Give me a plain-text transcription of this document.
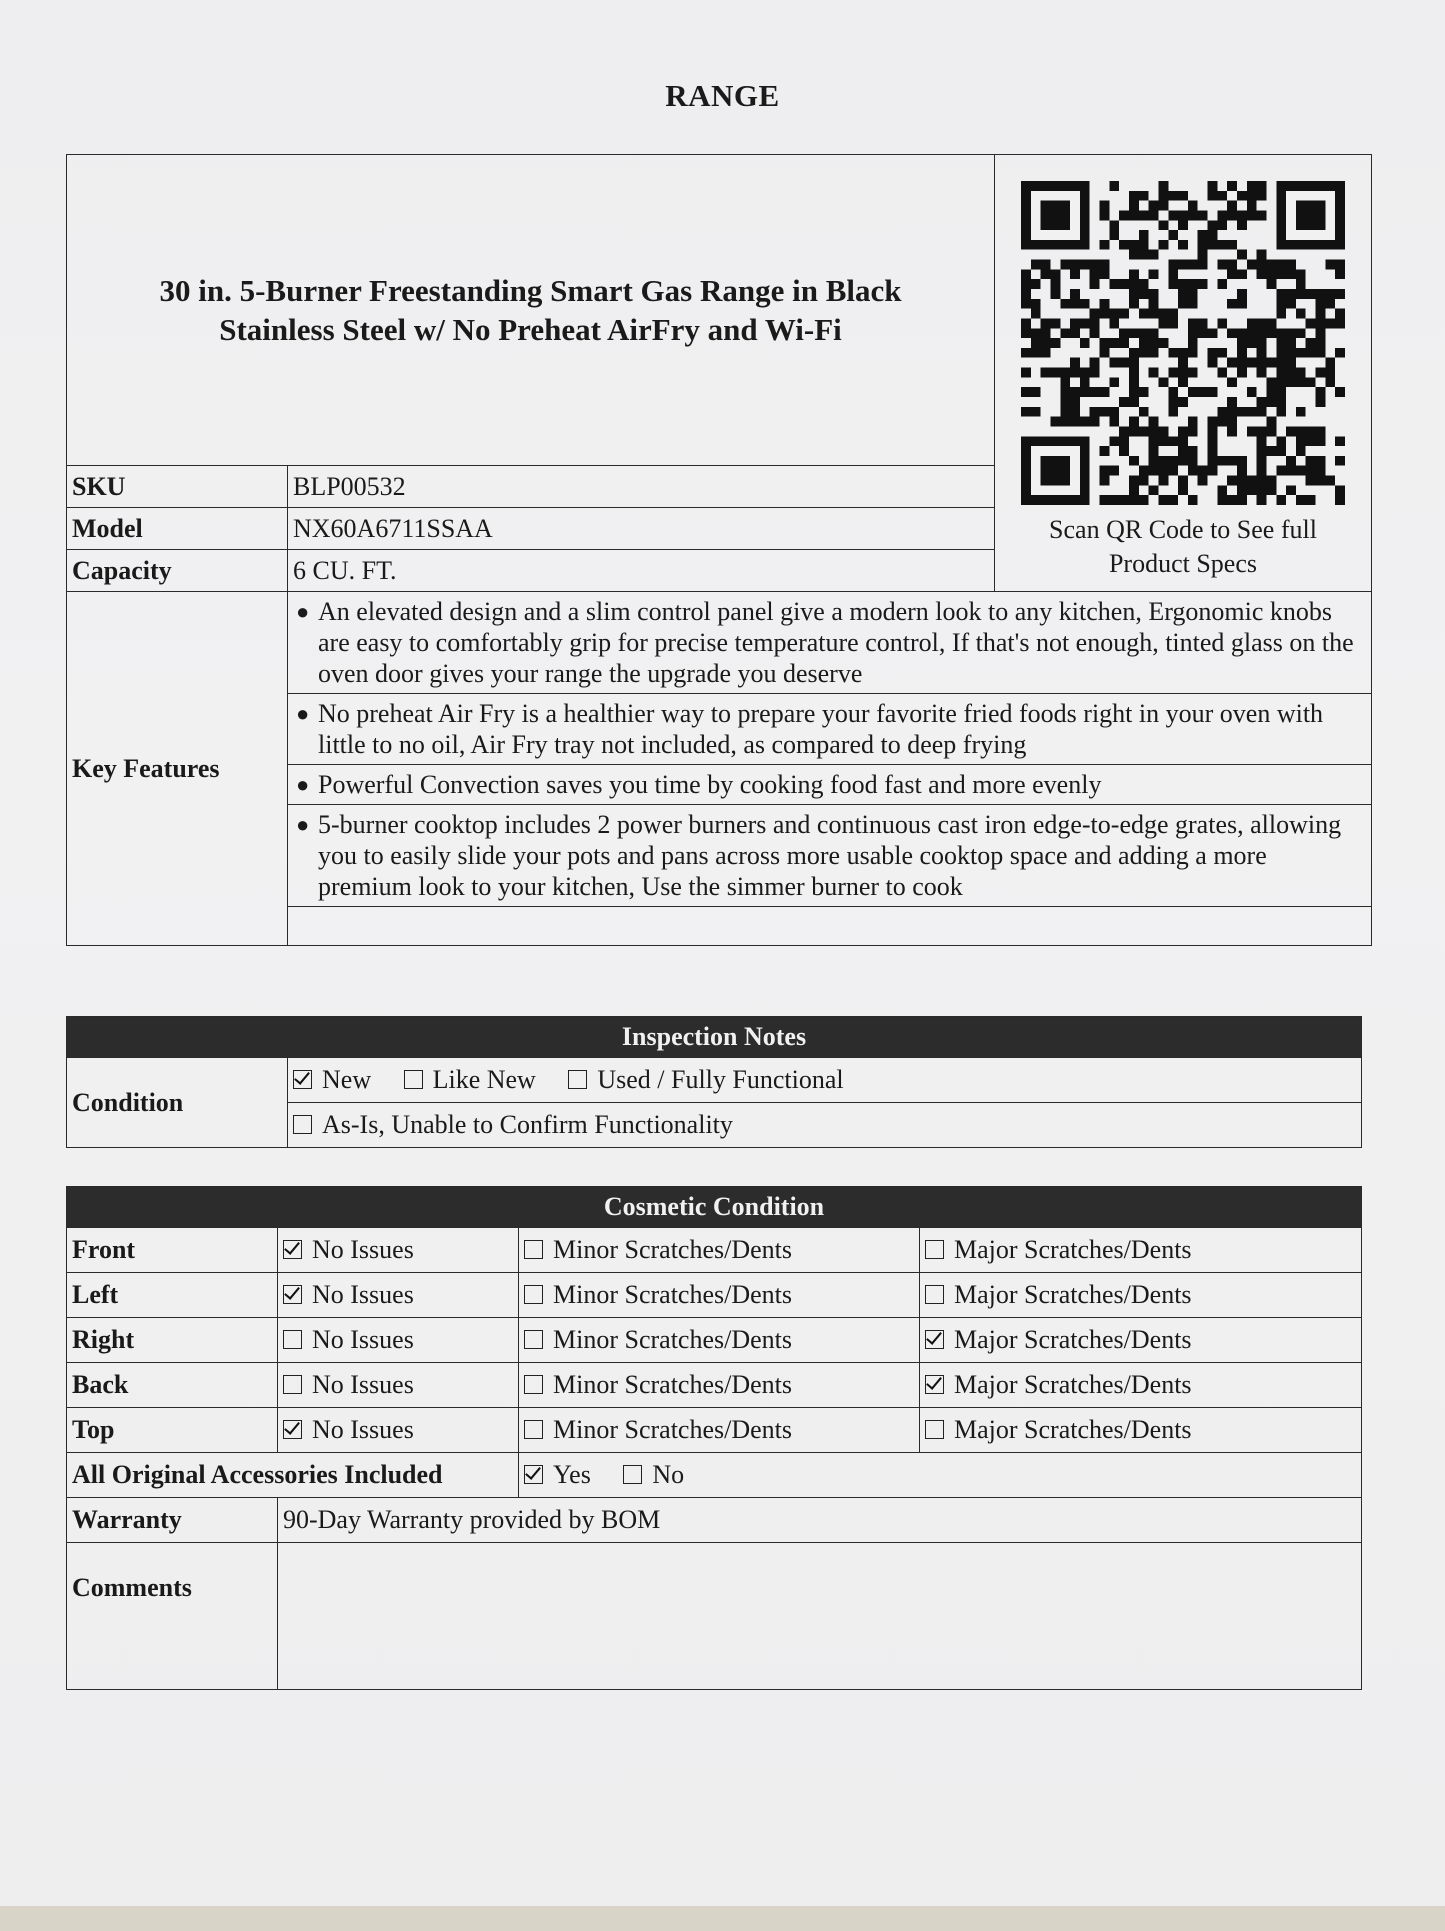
RANGE
30 in. 5-Burner Freestanding Smart Gas Range in Black
Stainless Steel w/ No Preheat AirFry and Wi-Fi		Scan QR Code to See full
Product Specs

SKU	BLP00532	
Model	NX60A6711SSAA	
Capacity	6 CU. FT.	
Key Features	● An elevated design and a slim control panel give a modern look to any kitchen, Ergonomic knobs are easy to comfortably grip for precise temperature control, If that's not enough, tinted glass on the oven door gives your range the upgrade you deserve	

	● No preheat Air Fry is a healthier way to prepare your favorite fried foods right in your oven with little to no oil, Air Fry tray not included, as compared to deep frying	

	● Powerful Convection saves you time by cooking food fast and more evenly	

	● 5-burner cooktop includes 2 power burners and continuous cast iron edge-to-edge grates, allowing you to easily slide your pots and pans across more usable cooktop space and adding a more premium look to your kitchen, Use the simmer burner to cook	

Inspection Notes
Condition	New Like New Used / Fully Functional
As-Is, Unable to Confirm Functionality
Cosmetic Condition			
Front	No Issues	Minor Scratches/Dents	Major Scratches/Dents
Left	No Issues	Minor Scratches/Dents	Major Scratches/Dents
Right	No Issues	Minor Scratches/Dents	Major Scratches/Dents
Back	No Issues	Minor Scratches/Dents	Major Scratches/Dents
Top	No Issues	Minor Scratches/Dents	Major Scratches/Dents
All Original Accessories Included		Yes No	
Warranty	90-Day Warranty provided by BOM		
Comments			
